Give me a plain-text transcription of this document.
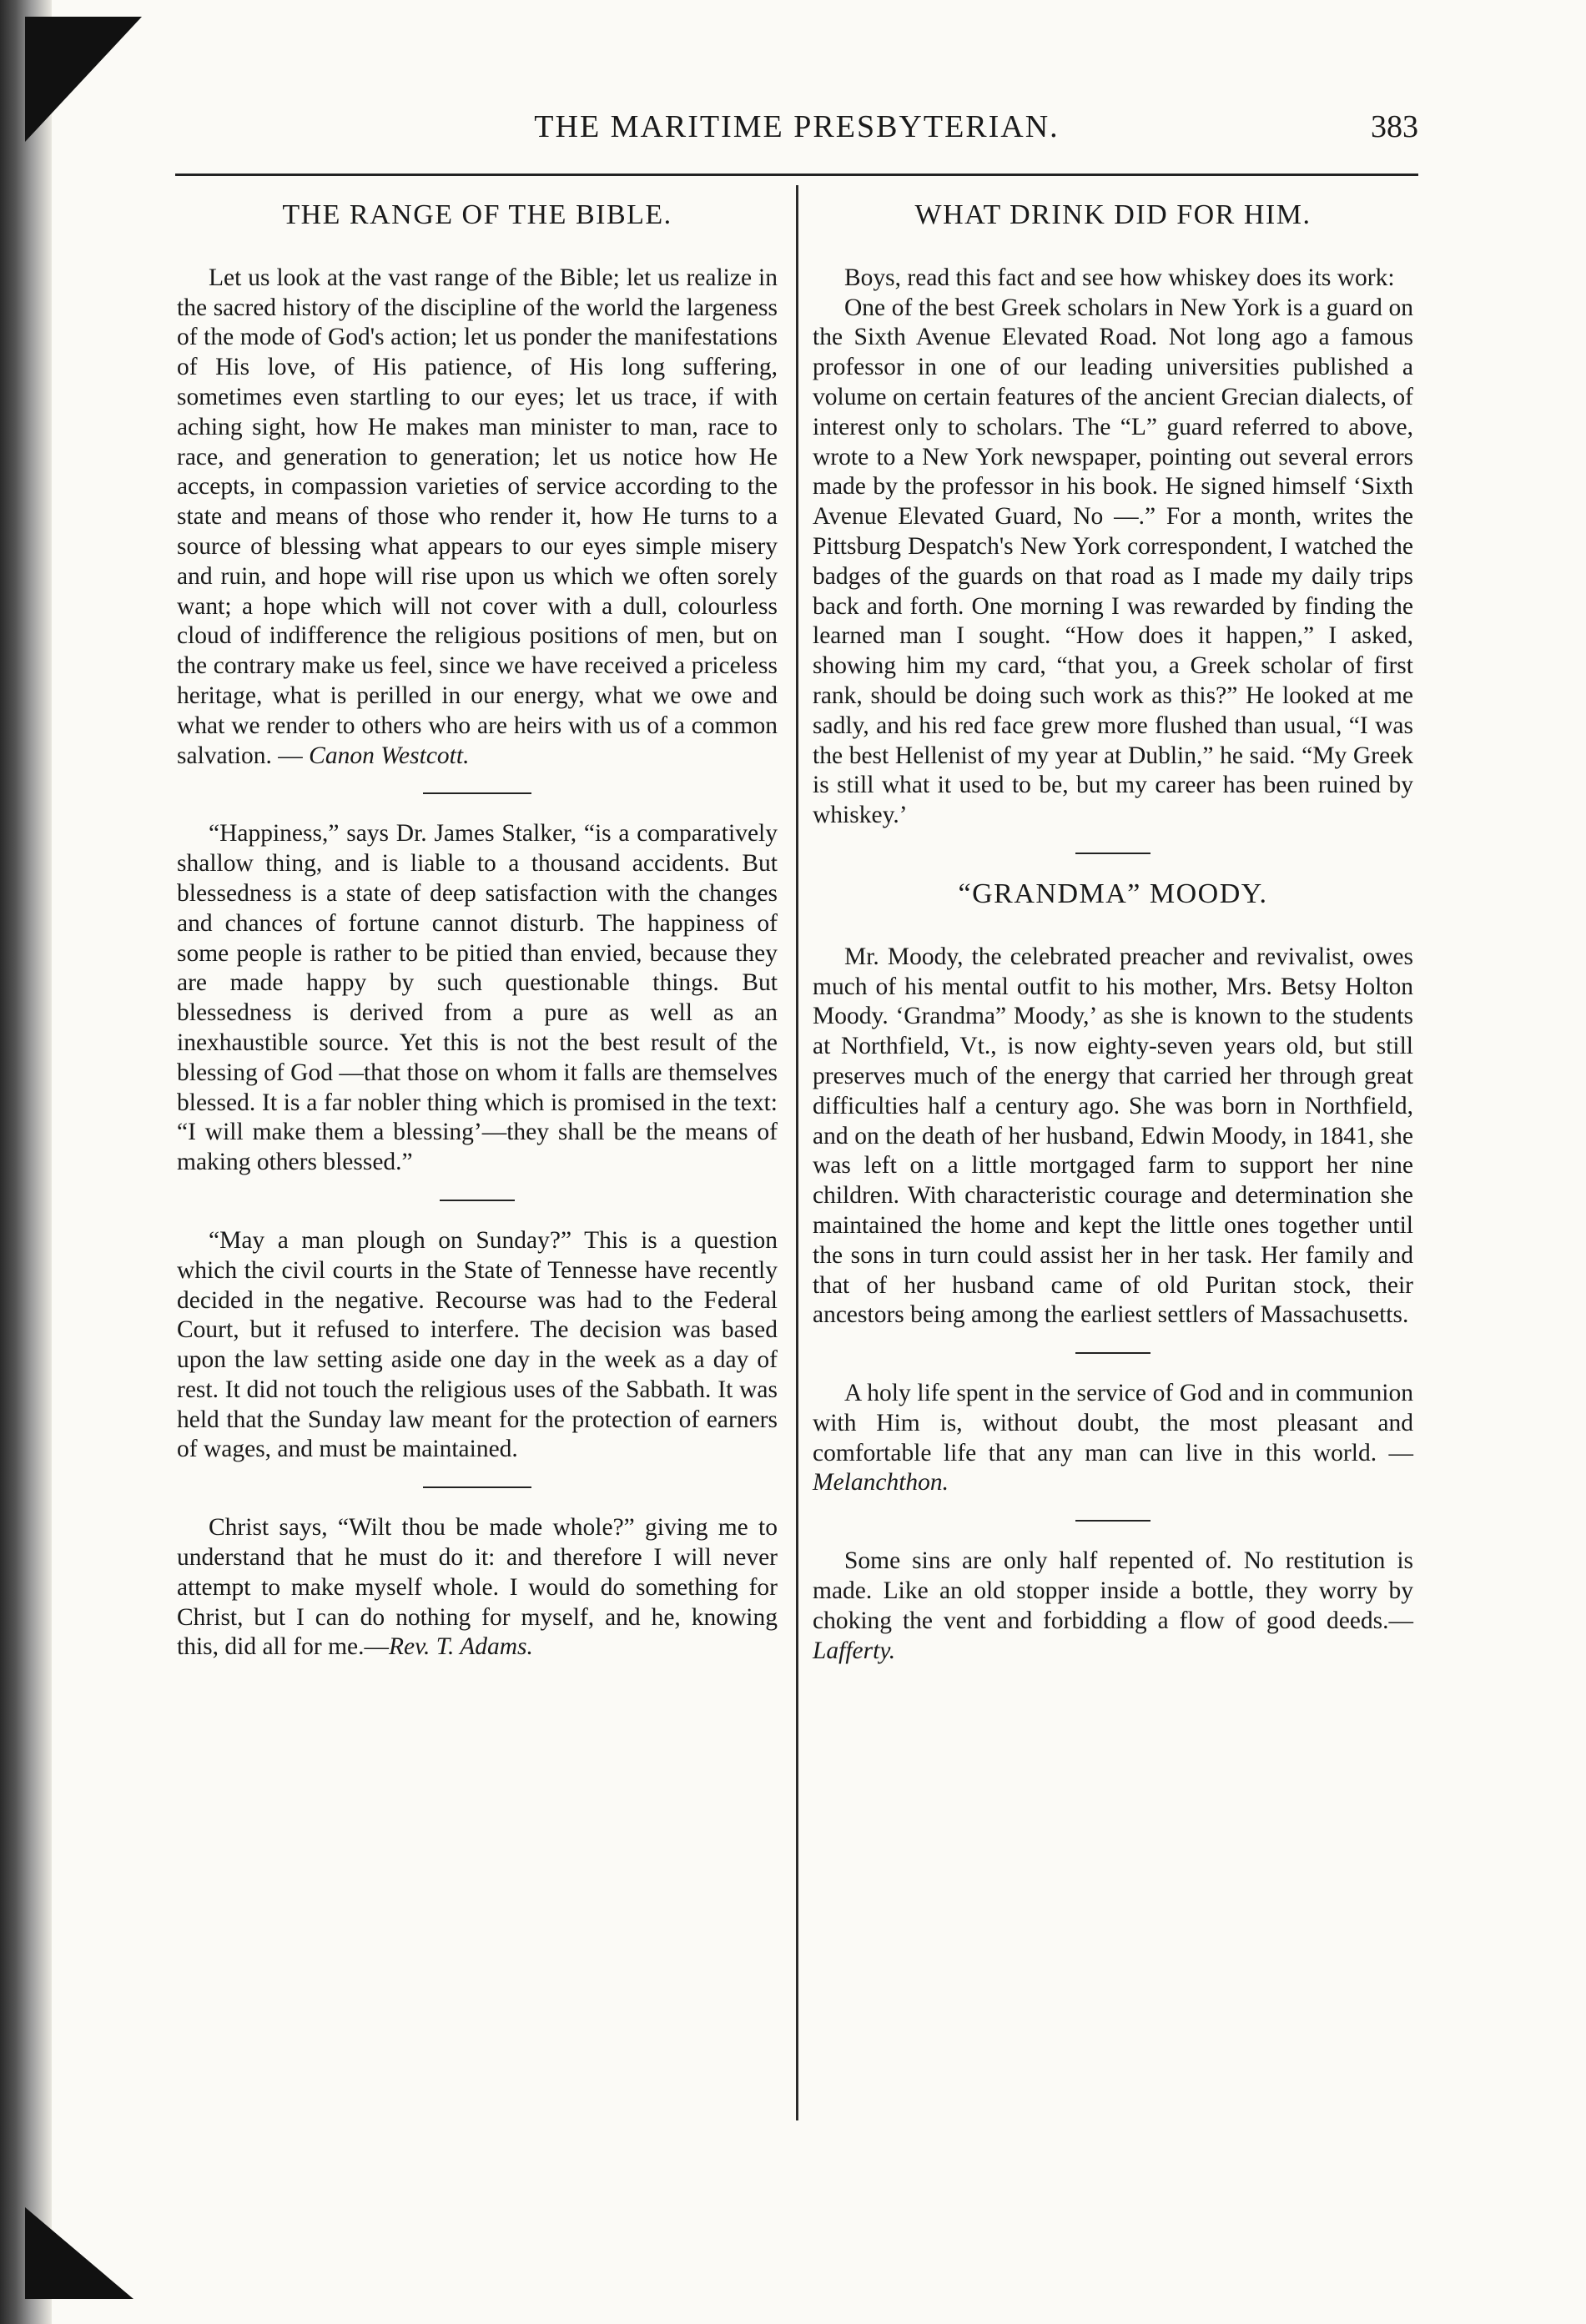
THE MARITIME PRESBYTERIAN.	383
THE RANGE OF THE BIBLE.

Let us look at the vast range of the Bible; let us realize in the sacred history of the discipline of the world the largeness of the mode of God's action; let us ponder the manifestations of His love, of His patience, of His long suffering, sometimes even startling to our eyes; let us trace, if with aching sight, how He makes man minister to man, race to race, and generation to generation; let us notice how He accepts, in compassion varieties of service according to the state and means of those who render it, how He turns to a source of blessing what appears to our eyes simple misery and ruin, and hope will rise upon us which we often sorely want; a hope which will not cover with a dull, colourless cloud of indifference the religious positions of men, but on the contrary make us feel, since we have received a priceless heritage, what is perilled in our energy, what we owe and what we render to others who are heirs with us of a common salvation. — Canon Westcott.

“Happiness,” says Dr. James Stalker, “is a comparatively shallow thing, and is liable to a thousand accidents. But blessedness is a state of deep satisfaction with the changes and chances of fortune cannot disturb. The happiness of some people is rather to be pitied than envied, because they are made happy by such questionable things. But blessedness is derived from a pure as well as an inexhaustible source. Yet this is not the best result of the blessing of God —that those on whom it falls are themselves blessed. It is a far nobler thing which is promised in the text: “I will make them a blessing’—they shall be the means of making others blessed.”

“May a man plough on Sunday?” This is a question which the civil courts in the State of Tennesse have recently decided in the negative. Recourse was had to the Federal Court, but it refused to interfere. The decision was based upon the law setting aside one day in the week as a day of rest. It did not touch the religious uses of the Sabbath. It was held that the Sunday law meant for the protection of earners of wages, and must be maintained.

Christ says, “Wilt thou be made whole?” giving me to understand that he must do it: and therefore I will never attempt to make myself whole. I would do something for Christ, but I can do nothing for myself, and he, knowing this, did all for me.—Rev. T. Adams.

WHAT DRINK DID FOR HIM.

Boys, read this fact and see how whiskey does its work:

One of the best Greek scholars in New York is a guard on the Sixth Avenue Elevated Road. Not long ago a famous professor in one of our leading universities published a volume on certain features of the ancient Grecian dialects, of interest only to scholars. The “L” guard referred to above, wrote to a New York newspaper, pointing out several errors made by the professor in his book. He signed himself ‘Sixth Avenue Elevated Guard, No —.” For a month, writes the Pittsburg Despatch's New York correspondent, I watched the badges of the guards on that road as I made my daily trips back and forth. One morning I was rewarded by finding the learned man I sought. “How does it happen,” I asked, showing him my card, “that you, a Greek scholar of first rank, should be doing such work as this?” He looked at me sadly, and his red face grew more flushed than usual, “I was the best Hellenist of my year at Dublin,” he said. “My Greek is still what it used to be, but my career has been ruined by whiskey.’

“GRANDMA” MOODY.

Mr. Moody, the celebrated preacher and revivalist, owes much of his mental outfit to his mother, Mrs. Betsy Holton Moody. ‘Grandma” Moody,’ as she is known to the students at Northfield, Vt., is now eighty-seven years old, but still preserves much of the energy that carried her through great difficulties half a century ago. She was born in Northfield, and on the death of her husband, Edwin Moody, in 1841, she was left on a little mortgaged farm to support her nine children. With characteristic courage and determination she maintained the home and kept the little ones together until the sons in turn could assist her in her task. Her family and that of her husband came of old Puritan stock, their ancestors being among the earliest settlers of Massachusetts.

A holy life spent in the service of God and in communion with Him is, without doubt, the most pleasant and comfortable life that any man can live in this world. — Melanchthon.

Some sins are only half repented of. No restitution is made. Like an old stopper inside a bottle, they worry by choking the vent and forbidding a flow of good deeds.— Lafferty.
